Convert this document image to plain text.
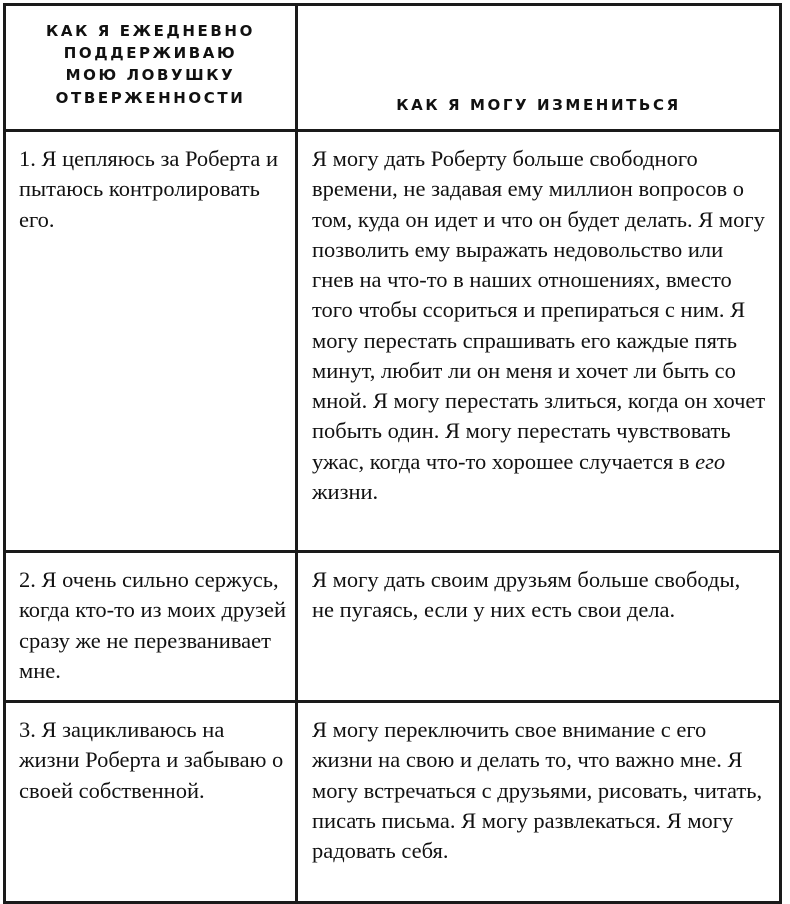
КАК Я ЕЖЕДНЕВНО
ПОДДЕРЖИВАЮ
МОЮ ЛОВУШКУ
ОТВЕРЖЕННОСТИ	КАК Я МОГУ ИЗМЕНИТЬСЯ

1. Я цепляюсь за Роберта и пытаюсь контролировать его.	Я могу дать Роберту больше свободного времени, не задавая ему миллион вопросов о том, куда он идет и что он будет делать. Я могу позволить ему выражать недовольство или гнев на что-то в наших отношениях, вместо того чтобы ссориться и препираться с ним. Я могу перестать спрашивать его каждые пять минут, любит ли он меня и хочет ли быть со мной. Я могу перестать злиться, когда он хочет побыть один. Я могу перестать чувствовать ужас, когда что-то хорошее случается в его жизни.

2. Я очень сильно сержусь, когда кто-то из моих друзей сразу же не перезванивает мне.	Я могу дать своим друзьям больше свободы, не пугаясь, если у них есть свои дела.

3. Я зацикливаюсь на жизни Роберта и забываю о своей собственной.	Я могу переключить свое внимание с его жизни на свою и делать то, что важно мне. Я могу встречаться с друзьями, рисовать, читать, писать письма. Я могу развлекаться. Я могу радовать себя.
